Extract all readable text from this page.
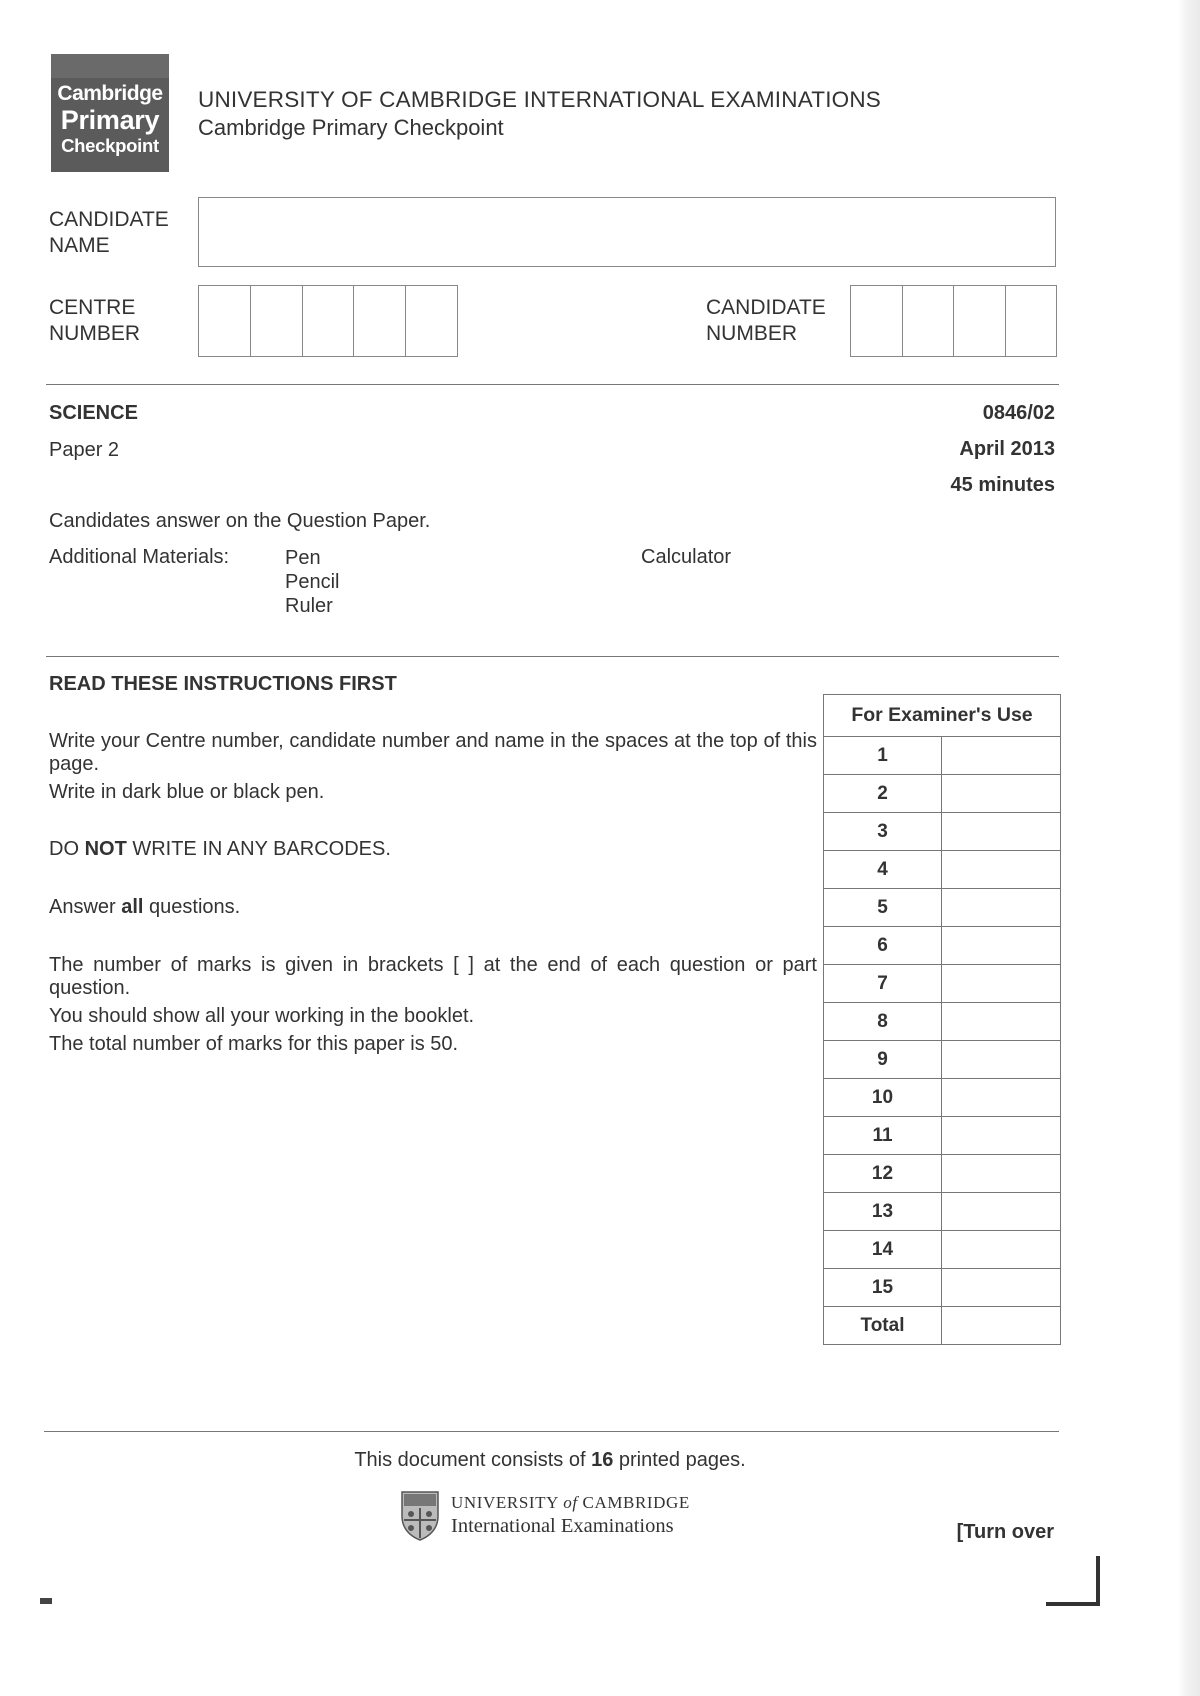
Cambridge
Primary
Checkpoint
UNIVERSITY OF CAMBRIDGE INTERNATIONAL EXAMINATIONS
Cambridge Primary Checkpoint
CANDIDATE
NAME
CENTRE
NUMBER
CANDIDATE
NUMBER
SCIENCE
Paper 2
0846/02
April 2013
45 minutes
Candidates answer on the Question Paper.
Additional Materials:	Pen
Pencil
Ruler
Calculator
READ THESE INSTRUCTIONS FIRST

Write your Centre number, candidate number and name in the spaces at the top of this page.

Write in dark blue or black pen.

DO NOT WRITE IN ANY BARCODES.

Answer all questions.

The number of marks is given in brackets [ ] at the end of each question or part question.

You should show all your working in the booklet.

The total number of marks for this paper is 50.

For Examiner's Use	
1	
2	
3	
4	
5	
6	
7	
8	
9	
10	
11	
12	
13	
14	
15	
Total	
This document consists of 16 printed pages.
UNIVERSITY of CAMBRIDGE
International Examinations	[Turn over
